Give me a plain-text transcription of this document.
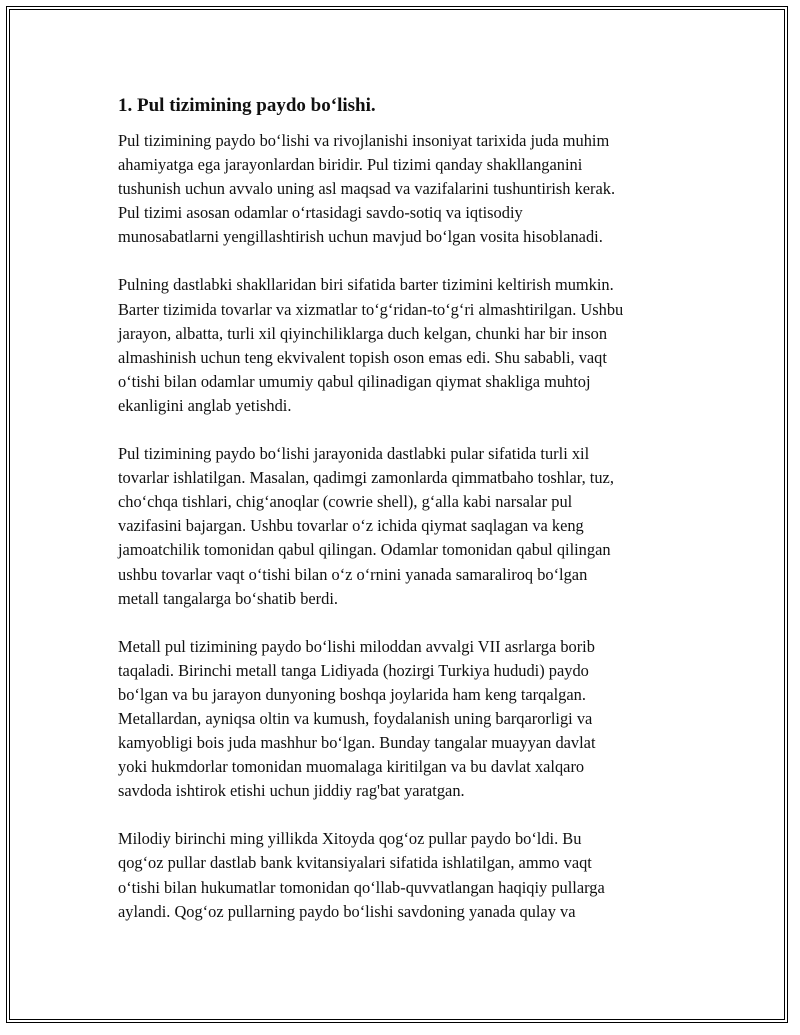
1. Pul tizimining paydo boʻlishi.

Pul tizimining paydo boʻlishi va rivojlanishi insoniyat tarixida juda muhim
ahamiyatga ega jarayonlardan biridir. Pul tizimi qanday shakllanganini
tushunish uchun avvalo uning asl maqsad va vazifalarini tushuntirish kerak.
Pul tizimi asosan odamlar oʻrtasidagi savdo-sotiq va iqtisodiy
munosabatlarni yengillashtirish uchun mavjud boʻlgan vosita hisoblanadi.

Pulning dastlabki shakllaridan biri sifatida barter tizimini keltirish mumkin.
Barter tizimida tovarlar va xizmatlar toʻgʻridan-toʻgʻri almashtirilgan. Ushbu
jarayon, albatta, turli xil qiyinchiliklarga duch kelgan, chunki har bir inson
almashinish uchun teng ekvivalent topish oson emas edi. Shu sababli, vaqt
oʻtishi bilan odamlar umumiy qabul qilinadigan qiymat shakliga muhtoj
ekanligini anglab yetishdi.

Pul tizimining paydo boʻlishi jarayonida dastlabki pular sifatida turli xil
tovarlar ishlatilgan. Masalan, qadimgi zamonlarda qimmatbaho toshlar, tuz,
choʻchqa tishlari, chigʻanoqlar (cowrie shell), gʻalla kabi narsalar pul
vazifasini bajargan. Ushbu tovarlar oʻz ichida qiymat saqlagan va keng
jamoatchilik tomonidan qabul qilingan. Odamlar tomonidan qabul qilingan
ushbu tovarlar vaqt oʻtishi bilan oʻz oʻrnini yanada samaraliroq boʻlgan
metall tangalarga boʻshatib berdi.

Metall pul tizimining paydo boʻlishi miloddan avvalgi VII asrlarga borib
taqaladi. Birinchi metall tanga Lidiyada (hozirgi Turkiya hududi) paydo
boʻlgan va bu jarayon dunyoning boshqa joylarida ham keng tarqalgan.
Metallardan, ayniqsa oltin va kumush, foydalanish uning barqarorligi va
kamyobligi bois juda mashhur boʻlgan. Bunday tangalar muayyan davlat
yoki hukmdorlar tomonidan muomalaga kiritilgan va bu davlat xalqaro
savdoda ishtirok etishi uchun jiddiy rag'bat yaratgan.

Milodiy birinchi ming yillikda Xitoyda qogʻoz pullar paydo boʻldi. Bu
qogʻoz pullar dastlab bank kvitansiyalari sifatida ishlatilgan, ammo vaqt
oʻtishi bilan hukumatlar tomonidan qoʻllab-quvvatlangan haqiqiy pullarga
aylandi. Qogʻoz pullarning paydo boʻlishi savdoning yanada qulay va
